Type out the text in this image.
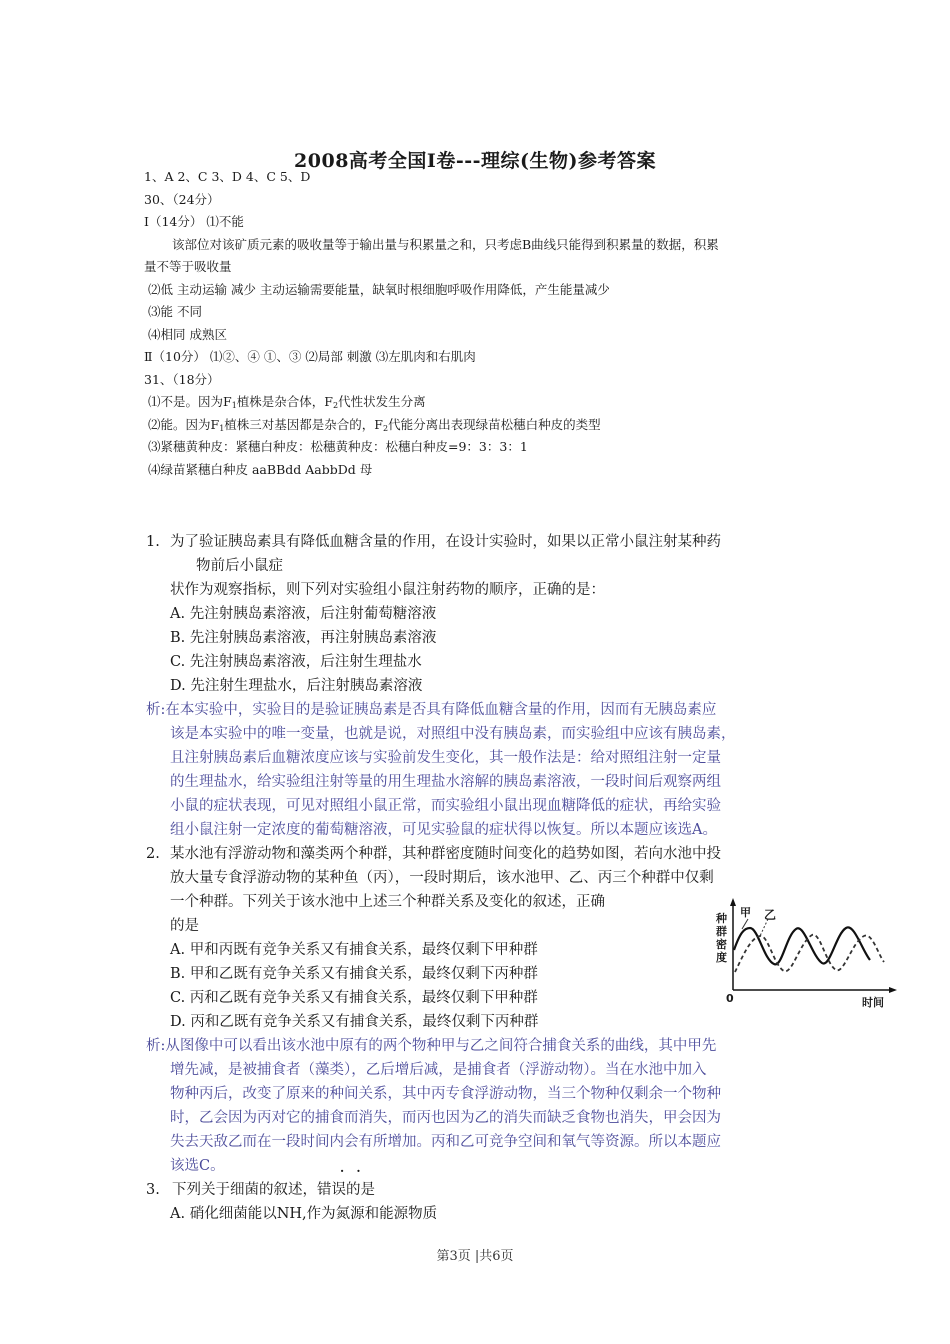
2008高考全国Ⅰ卷---理综(生物)参考答案
1、A 2、C 3、D 4、C 5、D
30、（24分）
Ⅰ（14分） ⑴不能
该部位对该矿质元素的吸收量等于输出量与积累量之和，只考虑B曲线只能得到积累量的数据，积累
量不等于吸收量
⑵低 主动运输 减少 主动运输需要能量，缺氧时根细胞呼吸作用降低，产生能量减少
⑶能 不同
⑷相同 成熟区
Ⅱ（10分） ⑴②、④ ①、③ ⑵局部 刺激 ⑶左肌肉和右肌肉
31、（18分）
⑴不是。因为$F_1$植株是杂合体，$F_2$代性状发生分离
⑵能。因为$F_1$植株三对基因都是杂合的，$F_2$代能分离出表现绿苗松穗白种皮的类型
⑶紧穗黄种皮：紧穗白种皮：松穗黄种皮：松穗白种皮=9：3：3：1
⑷绿苗紧穗白种皮 aaBBdd AabbDd 母
1. 为了验证胰岛素具有降低血糖含量的作用，在设计实验时，如果以正常小鼠注射某种药
物前后小鼠症
状作为观察指标，则下列对实验组小鼠注射药物的顺序，正确的是：
A. 先注射胰岛素溶液，后注射葡萄糖溶液
B. 先注射胰岛素溶液，再注射胰岛素溶液
C. 先注射胰岛素溶液，后注射生理盐水
D. 先注射生理盐水，后注射胰岛素溶液
析:在本实验中，实验目的是验证胰岛素是否具有降低血糖含量的作用，因而有无胰岛素应
该是本实验中的唯一变量，也就是说，对照组中没有胰岛素，而实验组中应该有胰岛素，
且注射胰岛素后血糖浓度应该与实验前发生变化，其一般作法是：给对照组注射一定量
的生理盐水，给实验组注射等量的用生理盐水溶解的胰岛素溶液，一段时间后观察两组
小鼠的症状表现，可见对照组小鼠正常，而实验组小鼠出现血糖降低的症状，再给实验
组小鼠注射一定浓度的葡萄糖溶液，可见实验鼠的症状得以恢复。所以本题应该选A。
2. 某水池有浮游动物和藻类两个种群，其种群密度随时间变化的趋势如图，若向水池中投
放大量专食浮游动物的某种鱼（丙），一段时期后，该水池甲、乙、丙三个种群中仅剩
一个种群。下列关于该水池中上述三个种群关系及变化的叙述，正确
的是
A. 甲和丙既有竞争关系又有捕食关系，最终仅剩下甲种群
B. 甲和乙既有竞争关系又有捕食关系，最终仅剩下丙种群
C. 丙和乙既有竞争关系又有捕食关系，最终仅剩下甲种群
D. 丙和乙既有竞争关系又有捕食关系，最终仅剩下丙种群
种
群
密
度
甲 乙
0	时间
析:从图像中可以看出该水池中原有的两个物种甲与乙之间符合捕食关系的曲线，其中甲先
增先减，是被捕食者（藻类），乙后增后减，是捕食者（浮游动物）。当在水池中加入
物种丙后，改变了原来的种间关系，其中丙专食浮游动物，当三个物种仅剩余一个物种
时，乙会因为丙对它的捕食而消失，而丙也因为乙的消失而缺乏食物也消失，甲会因为
失去天敌乙而在一段时间内会有所增加。丙和乙可竞争空间和氧气等资源。所以本题应
该选C。	· ·
3. 下列关于细菌的叙述，错误的是
A. 硝化细菌能以NH,作为氮源和能源物质
第3页 |共6页
